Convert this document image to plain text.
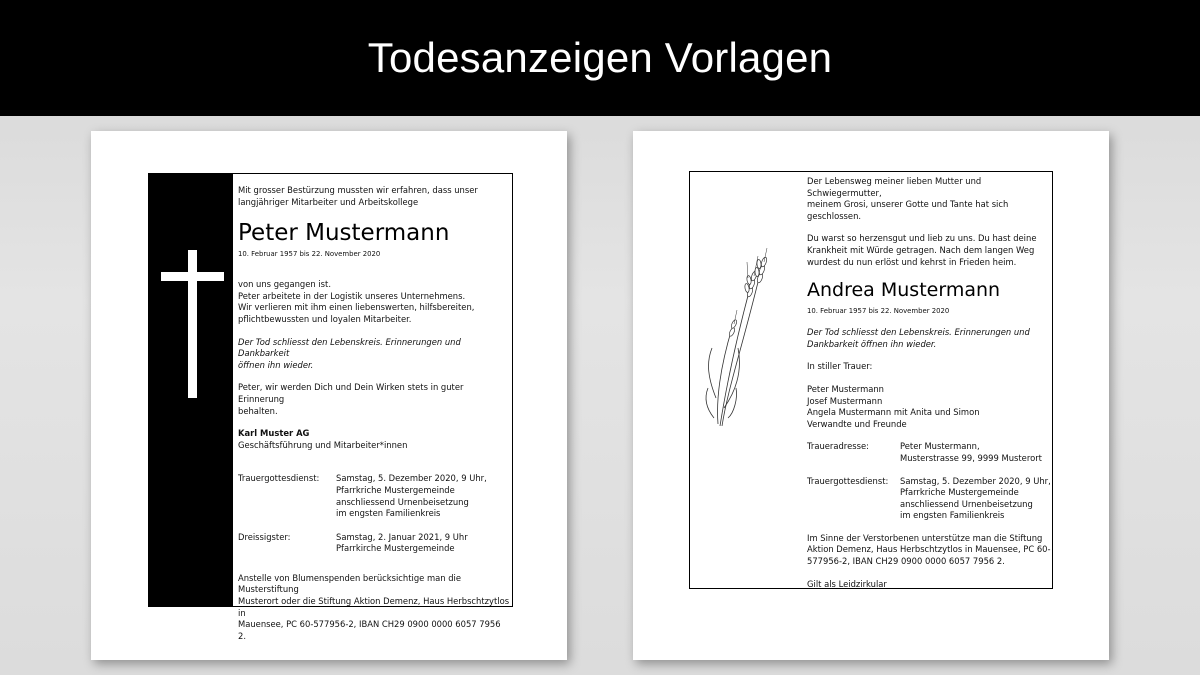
Todesanzeigen Vorlagen
Mit grosser Bestürzung mussten wir erfahren, dass unser
langjähriger Mitarbeiter und Arbeitskollege
Peter Mustermann
10. Februar 1957 bis 22. November 2020
von uns gegangen ist.
Peter arbeitete in der Logistik unseres Unternehmens.
Wir verlieren mit ihm einen liebenswerten, hilfsbereiten,
pflichtbewussten und loyalen Mitarbeiter.
Der Tod schliesst den Lebenskreis. Erinnerungen und Dankbarkeit
öffnen ihn wieder.
Peter, wir werden Dich und Dein Wirken stets in guter Erinnerung
behalten.
Karl Muster AG
Geschäftsführung und Mitarbeiter*innen
Trauergottesdienst:	Samstag, 5. Dezember 2020, 9 Uhr,
Pfarrkriche Mustergemeinde
anschliessend Urnenbeisetzung
im engsten Familienkreis
Dreissigster:	Samstag, 2. Januar 2021, 9 Uhr
Pfarrkirche Mustergemeinde
Anstelle von Blumenspenden berücksichtige man die Musterstiftung
Musterort oder die Stiftung Aktion Demenz, Haus Herbschtzytlos in
Mauensee, PC 60-577956-2, IBAN CH29 0900 0000 6057 7956 2.
Der Lebensweg meiner lieben Mutter und Schwiegermutter,
meinem Grosi, unserer Gotte und Tante hat sich geschlossen.
Du warst so herzensgut und lieb zu uns. Du hast deine
Krankheit mit Würde getragen. Nach dem langen Weg
wurdest du nun erlöst und kehrst in Frieden heim.
Andrea Mustermann
10. Februar 1957 bis 22. November 2020
Der Tod schliesst den Lebenskreis. Erinnerungen und
Dankbarkeit öffnen ihn wieder.
In stiller Trauer:
Peter Mustermann
Josef Mustermann
Angela Mustermann mit Anita und Simon
Verwandte und Freunde
Traueradresse:	Peter Mustermann,
Musterstrasse 99, 9999 Musterort
Trauergottesdienst:	Samstag, 5. Dezember 2020, 9 Uhr,
Pfarrkriche Mustergemeinde
anschliessend Urnenbeisetzung
im engsten Familienkreis
Im Sinne der Verstorbenen unterstütze man die Stiftung
Aktion Demenz, Haus Herbschtzytlos in Mauensee, PC 60-
577956-2, IBAN CH29 0900 0000 6057 7956 2.
Gilt als Leidzirkular
